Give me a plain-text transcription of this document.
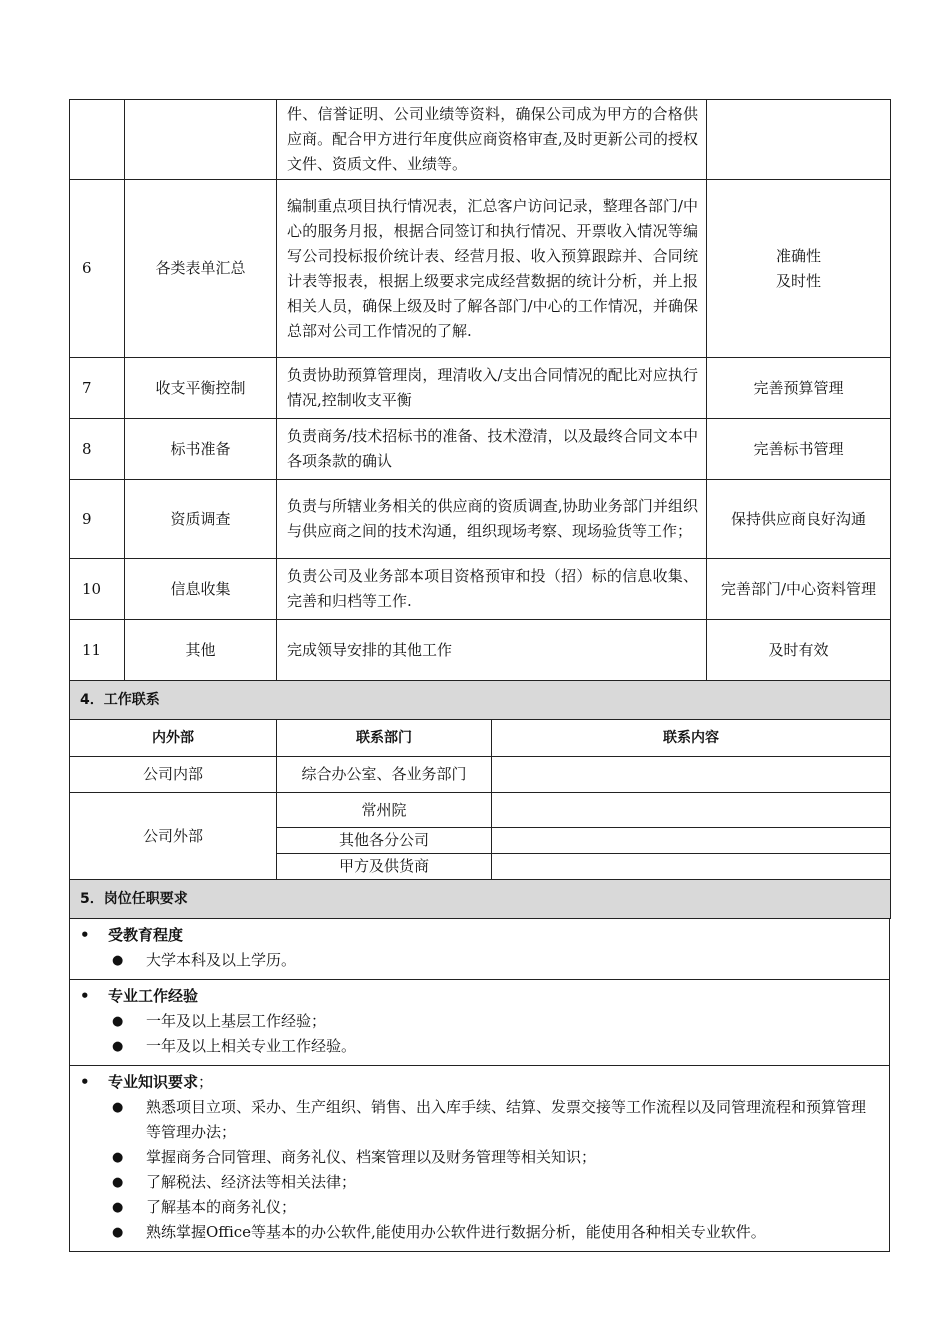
		件、信誉证明、公司业绩等资料，确保公司成为甲方的合格供应商。配合甲方进行年度供应商资格审查,及时更新公司的授权文件、资质文件、业绩等。	
6	各类表单汇总	编制重点项目执行情况表，汇总客户访问记录，整理各部门/中心的服务月报，根据合同签订和执行情况、开票收入情况等编写公司投标报价统计表、经营月报、收入预算跟踪并、合同统计表等报表，根据上级要求完成经营数据的统计分析，并上报相关人员，确保上级及时了解各部门/中心的工作情况，并确保总部对公司工作情况的了解.	准确性
及时性
7	收支平衡控制	负责协助预算管理岗，理清收入/支出合同情况的配比对应执行情况,控制收支平衡	完善预算管理
8	标书准备	负责商务/技术招标书的准备、技术澄清，以及最终合同文本中各项条款的确认	完善标书管理
9	资质调查	负责与所辖业务相关的供应商的资质调查,协助业务部门并组织与供应商之间的技术沟通，组织现场考察、现场验货等工作；	保持供应商良好沟通
10	信息收集	负责公司及业务部本项目资格预审和投（招）标的信息收集、完善和归档等工作.	完善部门/中心资料管理
11	其他	完成领导安排的其他工作	及时有效
4．工作联系		
内外部	联系部门	联系内容
公司内部	综合办公室、各业务部门	
公司外部	常州院	
	其他各分公司	
	甲方及供货商	
5．岗位任职要求		
• 受教育程度
● 大学本科及以上学历。

• 专业工作经验
● 一年及以上基层工作经验；
● 一年及以上相关专业工作经验。

• 专业知识要求；
● 熟悉项目立项、采办、生产组织、销售、出入库手续、结算、发票交接等工作流程以及同管理流程和预算管理等管理办法；
● 掌握商务合同管理、商务礼仪、档案管理以及财务管理等相关知识；
● 了解税法、经济法等相关法律；
● 了解基本的商务礼仪；
● 熟练掌握Office等基本的办公软件,能使用办公软件进行数据分析，能使用各种相关专业软件。
